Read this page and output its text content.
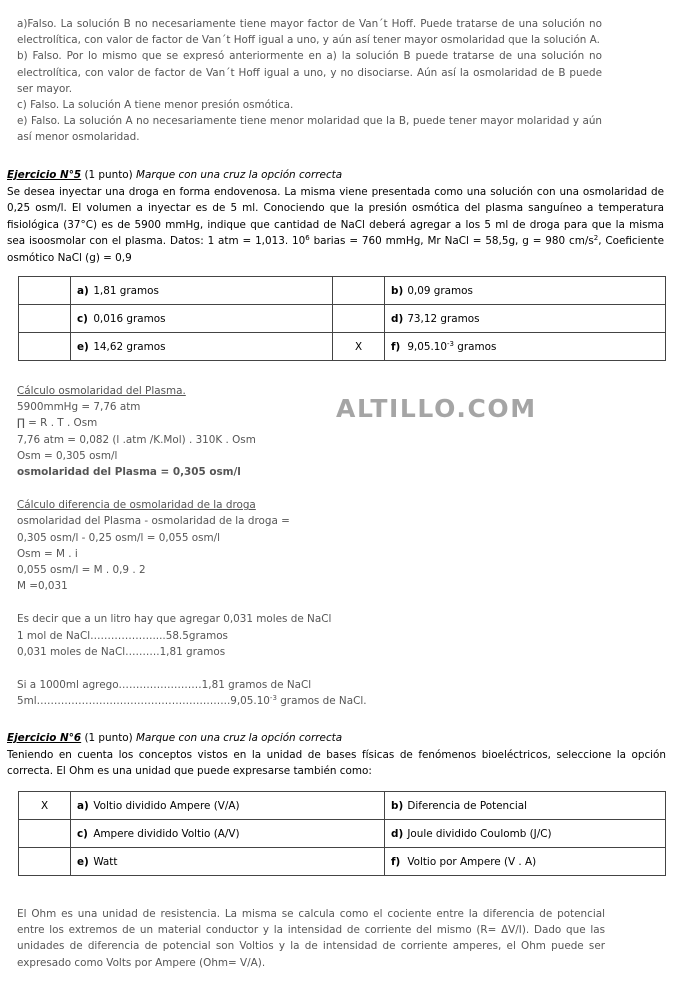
a)Falso. La solución B no necesariamente tiene mayor factor de Van´t Hoff. Puede tratarse de una solución no electrolítica, con valor de factor de Van´t Hoff igual a uno, y aún así tener mayor osmolaridad que la solución A.

b) Falso. Por lo mismo que se expresó anteriormente en a) la solución B puede tratarse de una solución no electrolítica, con valor de factor de Van´t Hoff igual a uno, y no disociarse. Aún así la osmolaridad de B puede ser mayor.

c) Falso. La solución A tiene menor presión osmótica.

e) Falso. La solución A no necesariamente tiene menor molaridad que la B, puede tener mayor molaridad y aún así menor osmolaridad.

Ejercicio N°5 (1 punto) Marque con una cruz la opción correcta

Se desea inyectar una droga en forma endovenosa. La misma viene presentada como una solución con una osmolaridad de 0,25 osm/l. El volumen a inyectar es de 5 ml. Conociendo que la presión osmótica del plasma sanguíneo a temperatura fisiológica (37°C) es de 5900 mmHg, indique que cantidad de NaCl deberá agregar a los 5 ml de droga para que la misma sea isoosmolar con el plasma. Datos: 1 atm = 1,013. $10^6$ barias = 760 mmHg, Mr NaCl = 58,5g, g = 980 $cm/s^2$, Coeficiente osmótico NaCl (g) = 0,9

	a) 1,81 gramos		b) 0,09 gramos
	c) 0,016 gramos		d) 73,12 gramos
	e) 14,62 gramos	X	f) $9,05.10^{-3}$ gramos
Cálculo osmolaridad del Plasma.
5900mmHg = 7,76 atm
∏ = R . T . Osm
7,76 atm = 0,082 (l .atm /K.Mol) . 310K . Osm
Osm = 0,305 osm/l
osmolaridad del Plasma = 0,305 osm/l
Cálculo diferencia de osmolaridad de la droga
osmolaridad del Plasma - osmolaridad de la droga =
0,305 osm/l - 0,25 osm/l = 0,055 osm/l
Osm = M . i
0,055 osm/l = M . 0,9 . 2
M =0,031
Es decir que a un litro hay que agregar 0,031 moles de NaCl
1 mol de NaCl………………....58.5gramos
0,031 moles de NaCl……….1,81 gramos
Si a 1000ml agrego……………………1,81 gramos de NaCl
$5ml\dots\dots\dots\dots\dots\dots\dots\dots\dots\dots\dots\dots\dots\dots\dots\dots\dots\dots..9,05.10^{-3}$ gramos de NaCl.
ALTILLO.COM
Ejercicio N°6 (1 punto) Marque con una cruz la opción correcta

Teniendo en cuenta los conceptos vistos en la unidad de bases físicas de fenómenos bioeléctricos, seleccione la opción correcta. El Ohm es una unidad que puede expresarse también como:

X	a) Voltio dividido Ampere (V/A)	b) Diferencia de Potencial
	c) Ampere dividido Voltio (A/V)	d) Joule dividido Coulomb (J/C)
	e) Watt	f) Voltio por Ampere (V . A)

El Ohm es una unidad de resistencia. La misma se calcula como el cociente entre la diferencia de potencial entre los extremos de un material conductor y la intensidad de corriente del mismo (R= ΔV/I). Dado que las unidades de diferencia de potencial son Voltios y la de intensidad de corriente amperes, el Ohm puede ser expresado como Volts por Ampere (Ohm= V/A).
